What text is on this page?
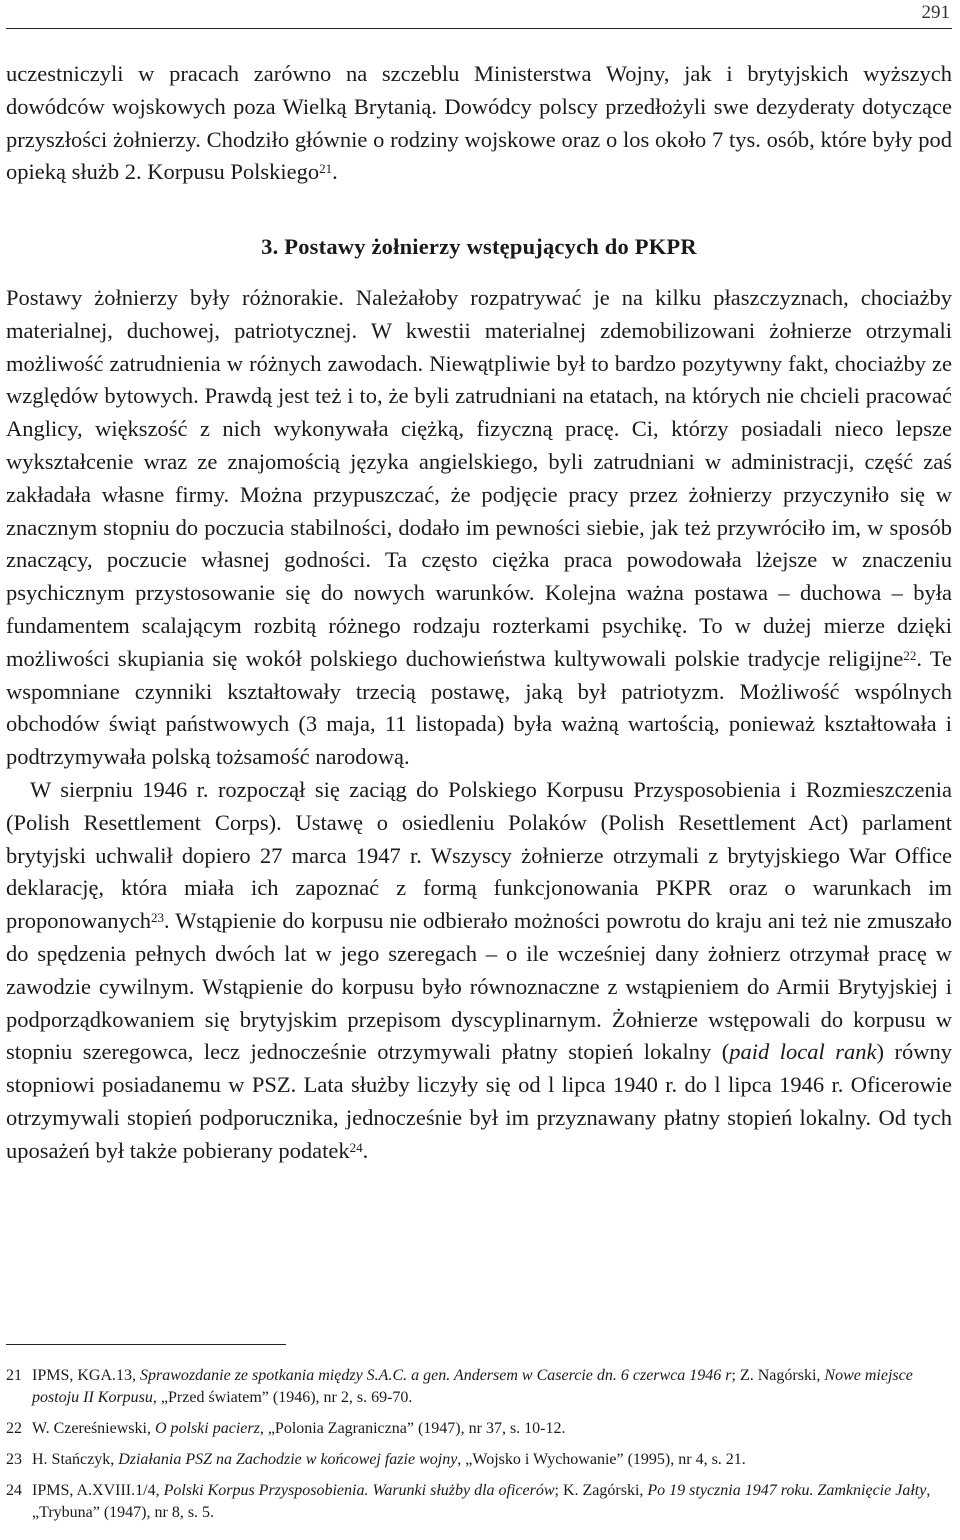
291

uczestniczyli w pracach zarówno na szczeblu Ministerstwa Wojny, jak i brytyjskich wyższych dowódców wojskowych poza Wielką Brytanią. Dowódcy polscy przedłożyli swe dezyderaty dotyczące przyszłości żołnierzy. Chodziło głównie o rodziny wojskowe oraz o los około 7 tys. osób, które były pod opieką służb 2. Korpusu Polskiego$^{21}$.

3. Postawy żołnierzy wstępujących do PKPR

Postawy żołnierzy były różnorakie. Należałoby rozpatrywać je na kilku płaszczyznach, chociażby materialnej, duchowej, patriotycznej. W kwestii materialnej zdemobilizowani żołnierze otrzymali możliwość zatrudnienia w różnych zawodach. Niewątpliwie był to bardzo pozytywny fakt, chociażby ze względów bytowych. Prawdą jest też i to, że byli zatrudniani na etatach, na których nie chcieli pracować Anglicy, większość z nich wykonywała ciężką, fizyczną pracę. Ci, którzy posiadali nieco lepsze wykształcenie wraz ze znajomością języka angielskiego, byli zatrudniani w administracji, część zaś zakładała własne firmy. Można przypuszczać, że podjęcie pracy przez żołnierzy przyczyniło się w znacznym stopniu do poczucia stabilności, dodało im pewności siebie, jak też przywróciło im, w sposób znaczący, poczucie własnej godności. Ta często ciężka praca powodowała lżejsze w znaczeniu psychicznym przystosowanie się do nowych warunków. Kolejna ważna postawa – duchowa – była fundamentem scalającym rozbitą różnego rodzaju rozterkami psychikę. To w dużej mierze dzięki możliwości skupiania się wokół polskiego duchowieństwa kultywowali polskie tradycje religijne$^{22}$. Te wspomniane czynniki kształtowały trzecią postawę, jaką był patriotyzm. Możliwość wspólnych obchodów świąt państwowych (3 maja, 11 listopada) była ważną wartością, ponieważ kształtowała i podtrzymywała polską tożsamość narodową.

W sierpniu 1946 r. rozpoczął się zaciąg do Polskiego Korpusu Przysposobienia i Rozmieszczenia (Polish Resettlement Corps). Ustawę o osiedleniu Polaków (Polish Resettlement Act) parlament brytyjski uchwalił dopiero 27 marca 1947 r. Wszyscy żołnierze otrzymali z brytyjskiego War Office deklarację, która miała ich zapoznać z formą funkcjonowania PKPR oraz o warunkach im proponowanych$^{23}$. Wstąpienie do korpusu nie odbierało możności powrotu do kraju ani też nie zmuszało do spędzenia pełnych dwóch lat w jego szeregach – o ile wcześniej dany żołnierz otrzymał pracę w zawodzie cywilnym. Wstąpienie do korpusu było równoznaczne z wstąpieniem do Armii Brytyjskiej i podporządkowaniem się brytyjskim przepisom dyscyplinarnym. Żołnierze wstępowali do korpusu w stopniu szeregowca, lecz jednocześnie otrzymywali płatny stopień lokalny (paid local rank) równy stopniowi posiadanemu w PSZ. Lata służby liczyły się od l lipca 1940 r. do l lipca 1946 r. Oficerowie otrzymywali stopień podporucznika, jednocześnie był im przyznawany płatny stopień lokalny. Od tych uposażeń był także pobierany podatek$^{24}$.

21 IPMS, KGA.13, Sprawozdanie ze spotkania między S.A.C. a gen. Andersem w Casercie dn. 6 czerwca 1946 r; Z. Nagórski, Nowe miejsce postoju II Korpusu, „Przed światem” (1946), nr 2, s. 69-70.
22 W. Czereśniewski, O polski pacierz, „Polonia Zagraniczna” (1947), nr 37, s. 10-12.
23 H. Stańczyk, Działania PSZ na Zachodzie w końcowej fazie wojny, „Wojsko i Wychowanie” (1995), nr 4, s. 21.
24 IPMS, A.XVIII.1/4, Polski Korpus Przysposobienia. Warunki służby dla oficerów; K. Zagórski, Po 19 stycznia 1947 roku. Zamknięcie Jałty, „Trybuna” (1947), nr 8, s. 5.
